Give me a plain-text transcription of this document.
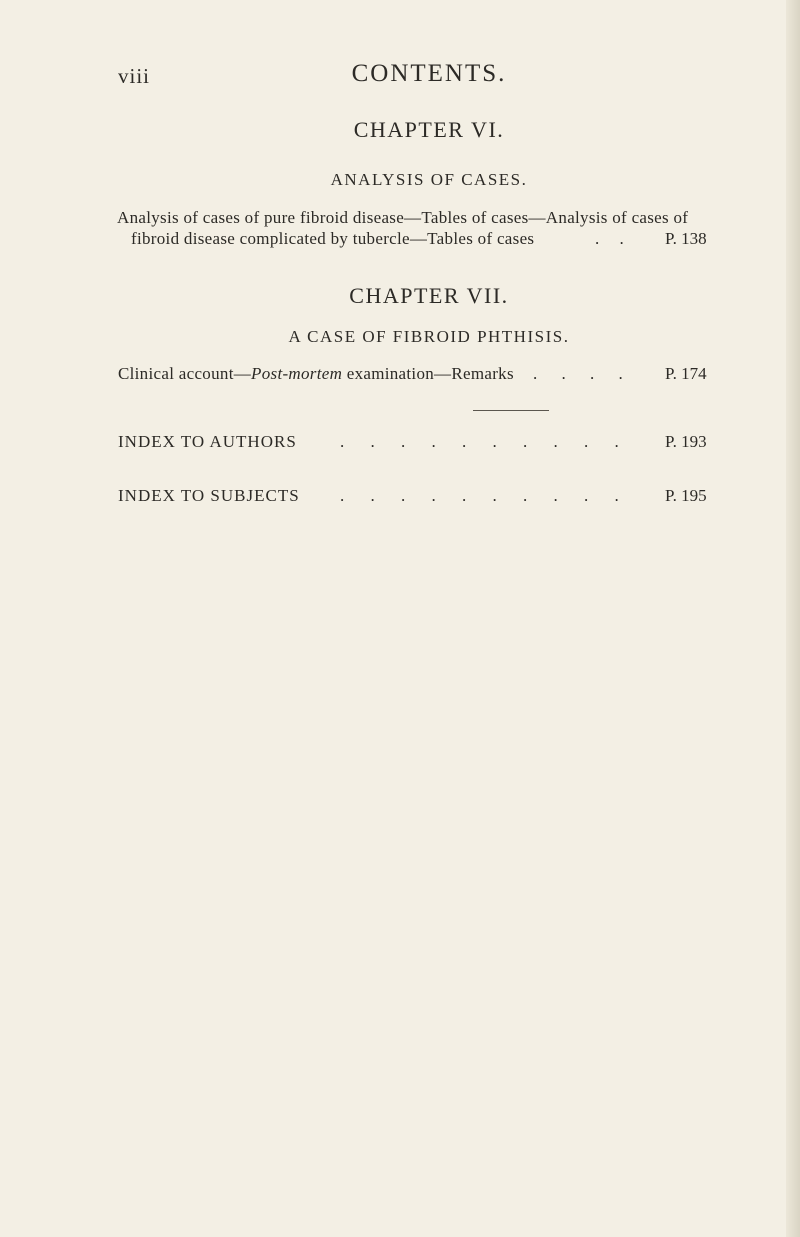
viii	CONTENTS.
CHAPTER VI.
ANALYSIS OF CASES.
Analysis of cases of pure fibroid disease—Tables of cases—Analysis of cases of
fibroid disease complicated by tubercle—Tables of cases	. . P. 138
CHAPTER VII.
A CASE OF FIBROID PHTHISIS.
Clinical account—Post-mortem examination—Remarks . . . . P. 174
INDEX TO AUTHORS	. . . . . . . . . . P. 193
INDEX TO SUBJECTS . . . . . . . . . . P. 195
